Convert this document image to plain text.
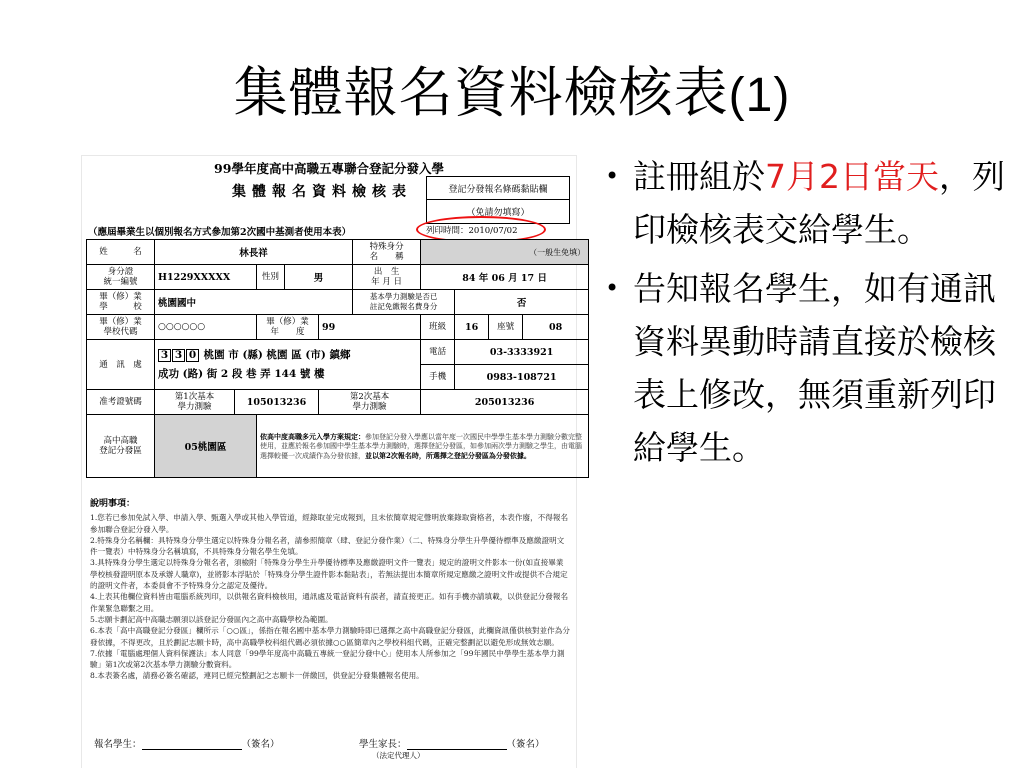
集體報名資料檢核表(1)
99學年度高中高職五專聯合登記分發入學
集體報名資料檢核表	登記分發報名條碼黏貼欄
（免請勿填寫）
（應屆畢業生以個別報名方式參加第2次國中基測者使用本表）	列印時間：2010/07/02
姓　　　名	林長祥					特殊身分
名　　稱	（一般生免填）			
身分證
統一編號	H1229XXXXX		性別	男		出　生
年 月 日	84 年 06 月 17 日			
畢（修）業
學　　　校	桃園國中					基本學力測驗是否已
註記免繳報名費身分		否		
畢（修）業
學校代碼	○○○○○○		畢（修）業
年　　度		99		班級	16	座號	08
通　訊　處	3 3 0 桃園 市 (縣) 桃園 區 (市) 鎮鄉
成功 (路) 街 2 段 巷 弄 144 號 樓						電話	03-3333921		
							手機	0983-108721		
准考證號碼	第1次基本
學力測驗	105013236			第2次基本
學力測驗		205013236			
高中高職
登記分發區	05桃園區		依高中度高職多元入學方案規定：參加登記分發入學應以當年度一次國民中學學生基本學力測驗分數完整使用，並應於報名參加國中學生基本學力測驗時，選擇登記分發區，如參加兩次學力測驗之學生，由電腦選擇較優一次成績作為分發依據，並以第2次報名時，所選擇之登記分發區為分發依據。							
說明事項：

1.您若已參加免試入學、申請入學、甄選入學或其他入學管道，經錄取並完成報到，且未依簡章規定聲明放棄錄取資格者，本表作廢，不得報名參加聯合登記分發入學。

2.特殊身分名稱欄：具特殊身分學生選定以特殊身分報名者，請參照簡章（肆、登記分發作業）（二、特殊身分學生升學優待標準及應繳證明文件一覽表）中特殊身分名稱填寫，不具特殊身分報名學生免填。

3.具特殊身分學生選定以特殊身分報名者，須檢附「特殊身分學生升學優待標準及應繳證明文件一覽表」規定的證明文件影本一份(如直接畢業學校核發證明原本及承辦人職章)，並將影本浮貼於「特殊身分學生證件影本黏貼表」，若無法提出本簡章所規定應繳之證明文件或提供不合規定的證明文件者，本委員會不予特殊身分之認定及優待。

4.上表其他欄位資料皆由電腦系統列印，以供報名資料檢核用，通訊處及電話資料有誤者，請直接更正。如有手機亦請填載，以供登記分發報名作業緊急聯繫之用。

5.志願卡劃記高中高職志願須以該登記分發區內之高中高職學校為範圍。

6.本表「高中高職登記分發區」欄所示「○○區」，係指在報名國中基本學力測驗時即已選擇之高中高職登記分發區，此欄資訊僅供核對並作為分發依據，不得更改，且於劃記志願卡時，高中高職學校科組代碼必須依據○○區簡章內之學校科組代碼，正確完整劃記以避免形成無效志願。

7.依據「電腦處理個人資料保護法」本人同意「99學年度高中高職五專統一登記分發中心」使用本人所參加之「99年國民中學學生基本學力測驗」第1次或第2次基本學力測驗分數資料。

8.本表簽名處，請務必簽名確認，連同已經完整劃記之志願卡一併繳回，供登記分發集體報名使用。

報名學生：	（簽名）	學生家長：	（簽名）
（法定代理人）
• 註冊組於7月2日當天，列印檢核表交給學生。
• 告知報名學生，如有通訊資料異動時請直接於檢核表上修改，無須重新列印給學生。
